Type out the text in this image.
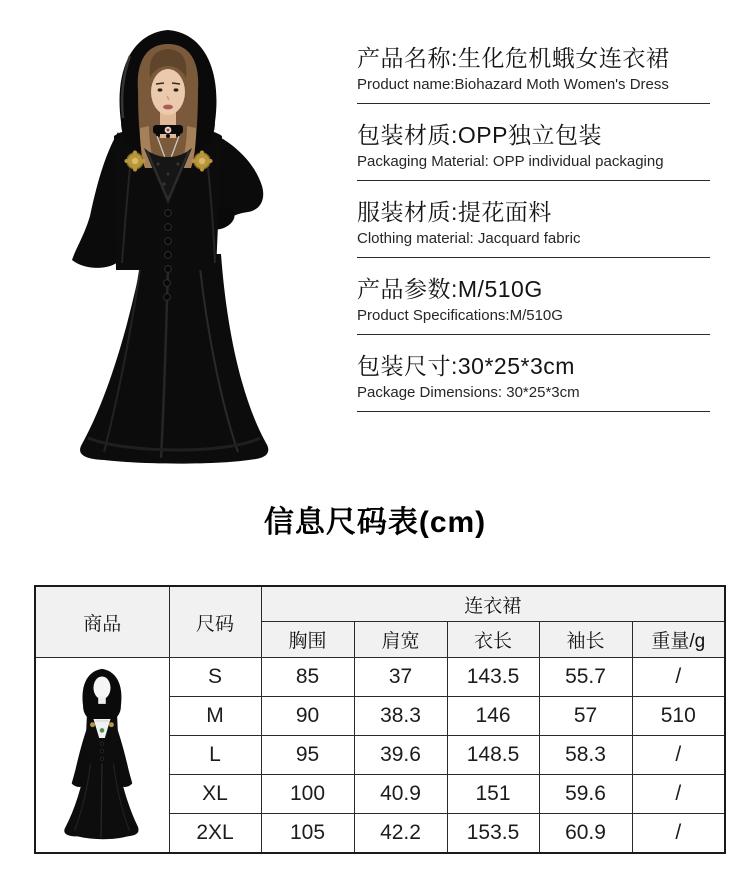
产品名称:生化危机蛾女连衣裙
Product name:Biohazard Moth Women's Dress
包装材质:OPP独立包装
Packaging Material: OPP individual packaging
服装材质:提花面料
Clothing material: Jacquard fabric
产品参数:M/510G
Product Specifications:M/510G
包装尺寸:30*25*3cm
Package Dimensions: 30*25*3cm
信息尺码表(cm)
商品	尺码	连衣裙				
		胸围	肩宽	衣长	袖长	重量/g

	S	85	37	143.5	55.7	/
	M	90	38.3	146	57	510
	L	95	39.6	148.5	58.3	/
	XL	100	40.9	151	59.6	/
	2XL	105	42.2	153.5	60.9	/
